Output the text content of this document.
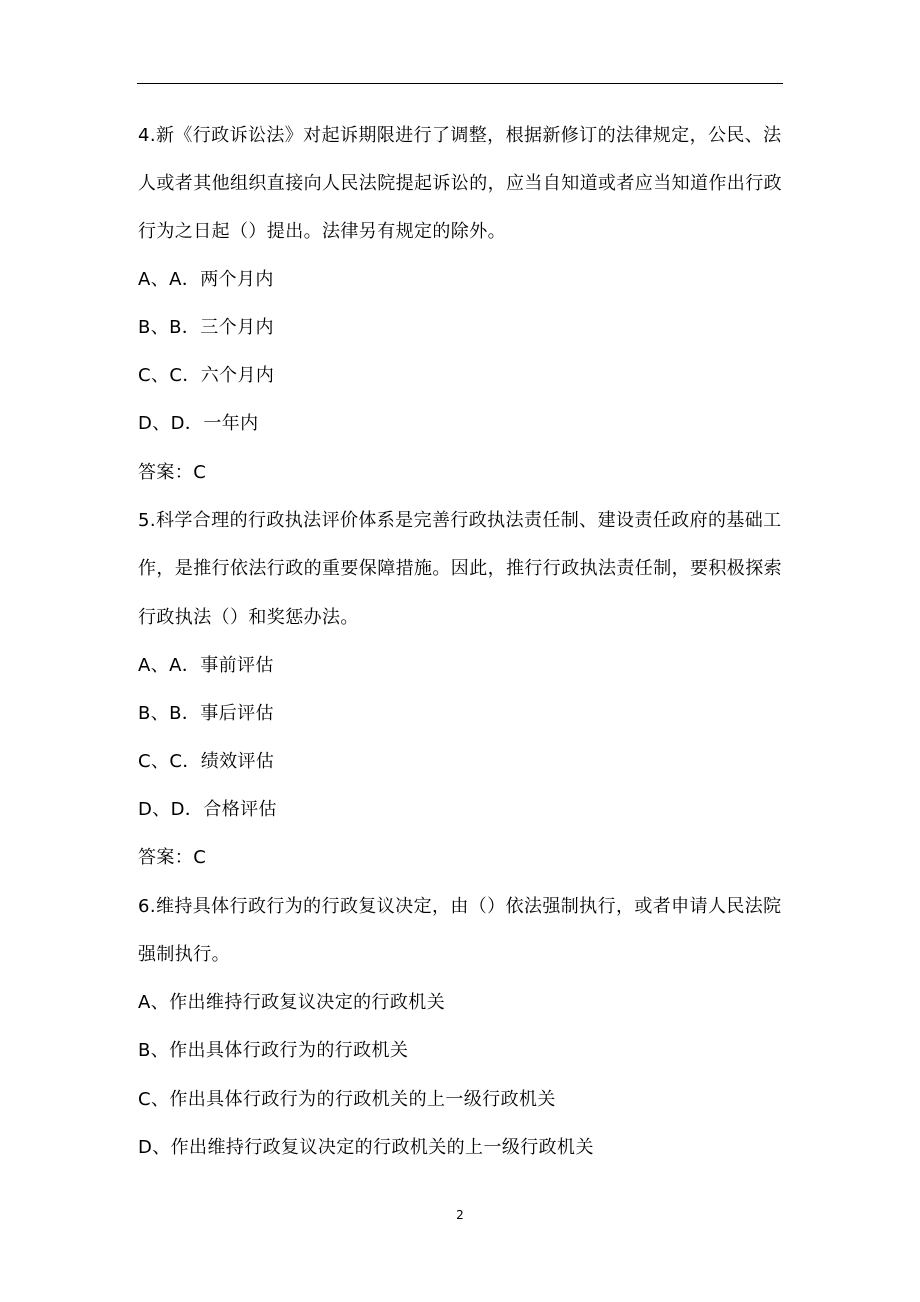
4.新《行政诉讼法》对起诉期限进行了调整，根据新修订的法律规定，公民、法
人或者其他组织直接向人民法院提起诉讼的，应当自知道或者应当知道作出行政
行为之日起（）提出。法律另有规定的除外。
A、A．两个月内
B、B．三个月内
C、C．六个月内
D、D．一年内
答案：C
5.科学合理的行政执法评价体系是完善行政执法责任制、建设责任政府的基础工
作，是推行依法行政的重要保障措施。因此，推行行政执法责任制，要积极探索
行政执法（）和奖惩办法。
A、A．事前评估
B、B．事后评估
C、C．绩效评估
D、D．合格评估
答案：C
6.维持具体行政行为的行政复议决定，由（）依法强制执行，或者申请人民法院
强制执行。
A、作出维持行政复议决定的行政机关
B、作出具体行政行为的行政机关
C、作出具体行政行为的行政机关的上一级行政机关
D、作出维持行政复议决定的行政机关的上一级行政机关
2
